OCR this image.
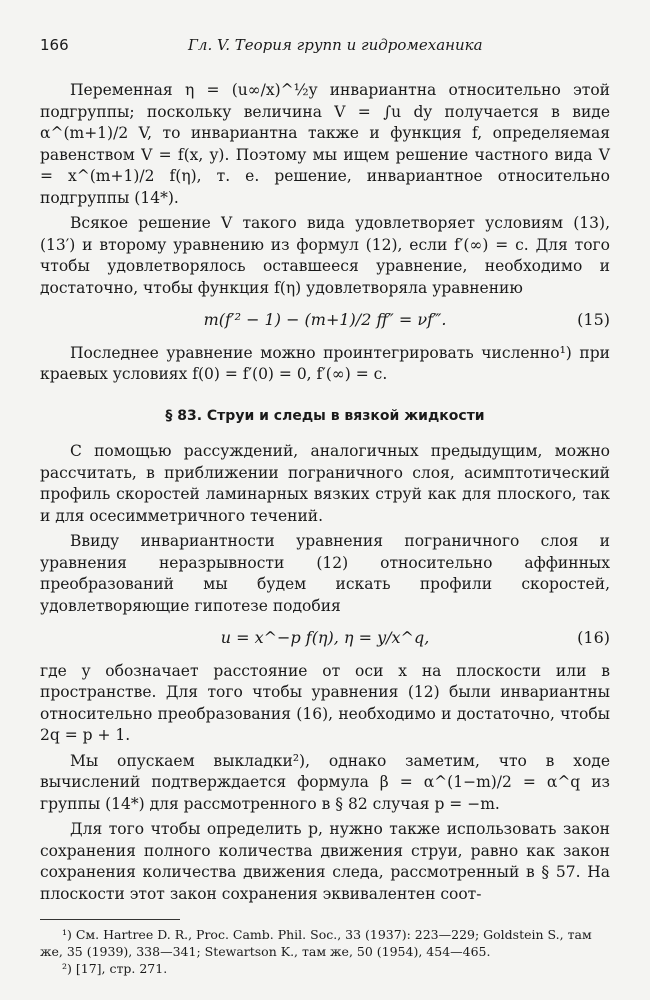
166	Гл. V. Теория групп и гидромеханика

Переменная η = (u∞/x)^½y инвариантна относительно этой подгруппы; поскольку величина V = ∫u dy получается в виде α^(m+1)/2 V, то инвариантна также и функция f, определяемая равенством V = f(x, y). Поэтому мы ищем решение частного вида V = x^(m+1)/2 f(η), т. е. решение, инвариантное относительно подгруппы (14*).

Всякое решение V такого вида удовлетворяет условиям (13), (13′) и второму уравнению из формул (12), если f′(∞) = c. Для того чтобы удовлетворялось оставшееся уравнение, необходимо и достаточно, чтобы функция f(η) удовлетворяла уравнению

m(f′² − 1) − (m+1)/2 ff″ = νf‴.	(15)

Последнее уравнение можно проинтегрировать численно¹) при краевых условиях f(0) = f′(0) = 0, f′(∞) = c.

§ 83. Струи и следы в вязкой жидкости

С помощью рассуждений, аналогичных предыдущим, можно рассчитать, в приближении пограничного слоя, асимптотический профиль скоростей ламинарных вязких струй как для плоского, так и для осесимметричного течений.

Ввиду инвариантности уравнения пограничного слоя и уравнения неразрывности (12) относительно аффинных преобразований мы будем искать профили скоростей, удовлетворяющие гипотезе подобия

u = x^−p f(η), η = y/x^q,	(16)

где y обозначает расстояние от оси x на плоскости или в пространстве. Для того чтобы уравнения (12) были инвариантны относительно преобразования (16), необходимо и достаточно, чтобы 2q = p + 1.

Мы опускаем выкладки²), однако заметим, что в ходе вычислений подтверждается формула β = α^(1−m)/2 = α^q из группы (14*) для рассмотренного в § 82 случая p = −m.

Для того чтобы определить p, нужно также использовать закон сохранения полного количества движения струи, равно как закон сохранения количества движения следа, рассмотренный в § 57. На плоскости этот закон сохранения эквивалентен соот-

¹) См. Hartree D. R., Proc. Camb. Phil. Soc., 33 (1937): 223—229; Goldstein S., там же, 35 (1939), 338—341; Stewartson K., там же, 50 (1954), 454—465.
²) [17], стр. 271.
